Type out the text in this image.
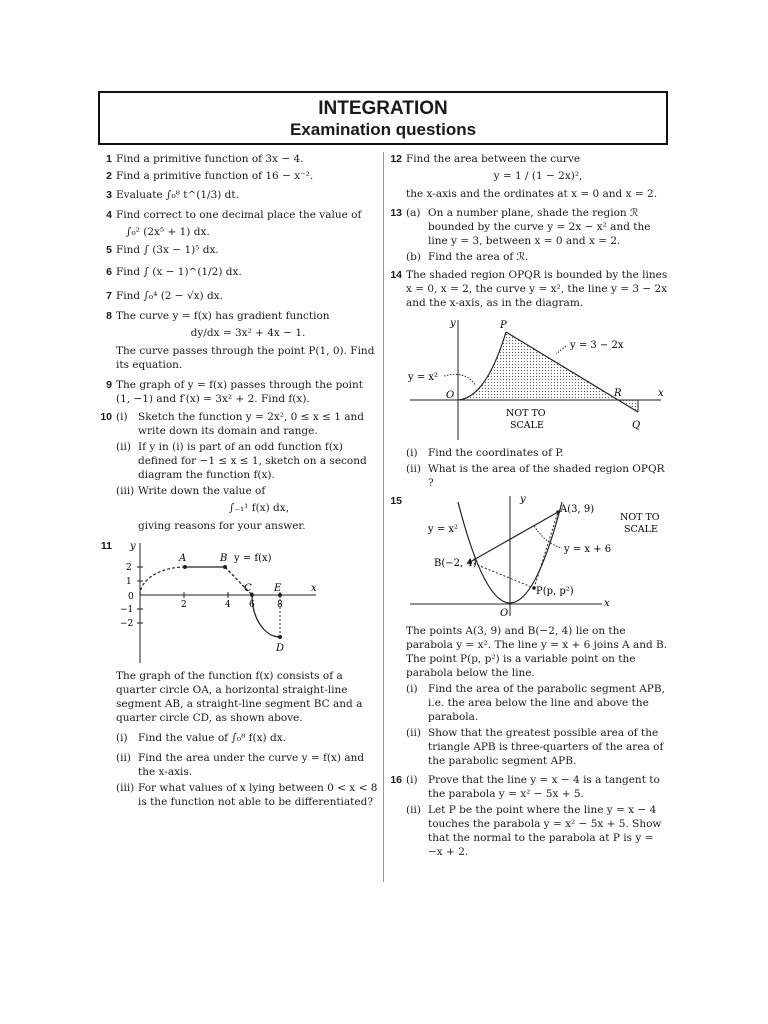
INTEGRATION
Examination questions
1 Find a primitive function of 3x − 4.
2 Find a primitive function of 16 − x⁻².
3 Evaluate ∫₀⁸ t^(1/3) dt.
4 Find correct to one decimal place the value of
∫₀² (2x⁵ + 1) dx.
5 Find ∫ (3x − 1)⁵ dx.
6 Find ∫ (x − 1)^(1/2) dx.
7 Find ∫₀⁴ (2 − √x) dx.
8 The curve y = f(x) has gradient function
dy/dx = 3x² + 4x − 1.
The curve passes through the point P(1, 0). Find its equation.
9 The graph of y = f(x) passes through the point (1, −1) and f′(x) = 3x² + 2. Find f(x).
10 (i) Sketch the function y = 2x², 0 ≤ x ≤ 1 and write down its domain and range.
(ii) If y in (i) is part of an odd function f(x) defined for −1 ≤ x ≤ 1, sketch on a second diagram the function f(x).
(iii) Write down the value of
∫₋₁¹ f(x) dx,
giving reasons for your answer.
11 y
x
y = f(x)
A	B
C E
D
2
1
0
−1
−2
2	4 6 8
The graph of the function f(x) consists of a quarter circle OA, a horizontal straight-line segment AB, a straight-line segment BC and a quarter circle CD, as shown above.
(i) Find the value of ∫₀⁸ f(x) dx.
(ii) Find the area under the curve y = f(x) and the x-axis.
(iii) For what values of x lying between 0 < x < 8 is the function not able to be differentiated?
12 Find the area between the curve
y = 1 / (1 − 2x)²,
the x-axis and the ordinates at x = 0 and x = 2.
13 (a) On a number plane, shade the region ℛ bounded by the curve y = 2x − x² and the line y = 3, between x = 0 and x = 2.
(b) Find the area of ℛ.
14 The shaded region OPQR is bounded by the lines x = 0, x = 2, the curve y = x², the line y = 3 − 2x and the x-axis, as in the diagram.
y
x
y = x²
y = 3 − 2x
O
P
R
Q
NOT TO
SCALE
(i) Find the coordinates of P.
(ii) What is the area of the shaded region OPQR ?
15	y
x
y = x²
y = x + 6
A(3, 9)
B(−2, 4)
P(p, p²)
O
NOT TO
SCALE
The points A(3, 9) and B(−2, 4) lie on the parabola y = x². The line y = x + 6 joins A and B. The point P(p, p²) is a variable point on the parabola below the line.
(i) Find the area of the parabolic segment APB, i.e. the area below the line and above the parabola.
(ii) Show that the greatest possible area of the triangle APB is three-quarters of the area of the parabolic segment APB.
16 (i) Prove that the line y = x − 4 is a tangent to the parabola y = x² − 5x + 5.
(ii) Let P be the point where the line y = x − 4 touches the parabola y = x² − 5x + 5. Show that the normal to the parabola at P is y = −x + 2.
